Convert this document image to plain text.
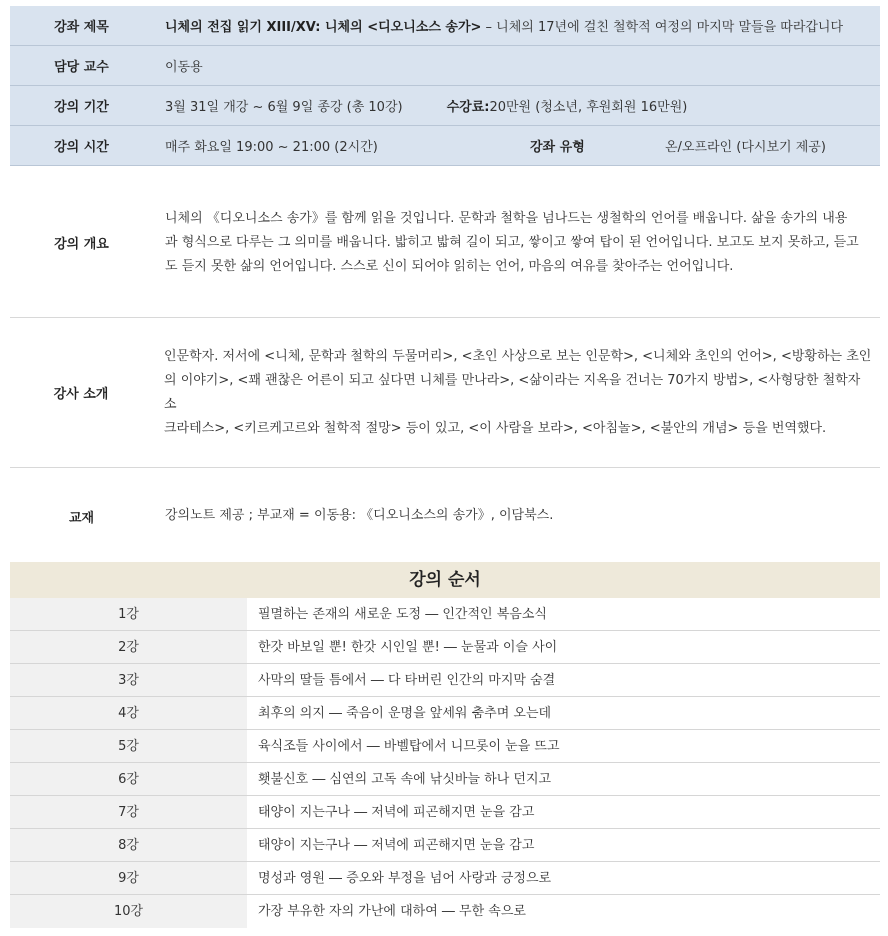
강좌 제목	니체의 전집 읽기 XIII/XV: 니체의 <디오니소스 송가> – 니체의 17년에 걸친 철학적 여정의 마지막 말들을 따라갑니다
담당 교수	이동용
강의 기간	3월 31일 개강 ~ 6월 9일 종강 (총 10강)	수강료: 20만원 (청소년, 후원회원 16만원)
강의 시간	매주 화요일 19:00 ~ 21:00 (2시간)	강좌 유형	온/오프라인 (다시보기 제공)
강의 개요
니체의 《디오니소스 송가》를 함께 읽을 것입니다. 문학과 철학을 넘나드는 생철학의 언어를 배웁니다. 삶을 송가의 내용
과 형식으로 다루는 그 의미를 배웁니다. 밟히고 밟혀 길이 되고, 쌓이고 쌓여 탑이 된 언어입니다. 보고도 보지 못하고, 듣고
도 듣지 못한 삶의 언어입니다. 스스로 신이 되어야 읽히는 언어, 마음의 여유를 찾아주는 언어입니다.
강사 소개
인문학자. 저서에 <니체, 문학과 철학의 두물머리>, <초인 사상으로 보는 인문학>, <니체와 초인의 언어>, <방황하는 초인
의 이야기>, <꽤 괜찮은 어른이 되고 싶다면 니체를 만나라>, <삶이라는 지옥을 건너는 70가지 방법>, <사형당한 철학자 소
크라테스>, <키르케고르와 철학적 절망> 등이 있고, <이 사람을 보라>, <아침놀>, <불안의 개념> 등을 번역했다.
교재	강의노트 제공 ; 부교재 = 이동용: 《디오니소스의 송가》, 이담북스.
강의 순서
1강	필멸하는 존재의 새로운 도정 ― 인간적인 복음소식
2강	한갓 바보일 뿐! 한갓 시인일 뿐! ― 눈물과 이슬 사이
3강	사막의 딸들 틈에서 ― 다 타버린 인간의 마지막 숨결
4강	최후의 의지 ― 죽음이 운명을 앞세워 춤추며 오는데
5강	육식조들 사이에서 ― 바벨탑에서 니므롯이 눈을 뜨고
6강	횃불신호 ― 심연의 고독 속에 낚싯바늘 하나 던지고
7강	태양이 지는구나 ― 저녁에 피곤해지면 눈을 감고
8강	태양이 지는구나 ― 저녁에 피곤해지면 눈을 감고
9강	명성과 영원 ― 증오와 부정을 넘어 사랑과 긍정으로
10강	가장 부유한 자의 가난에 대하여 ― 무한 속으로
